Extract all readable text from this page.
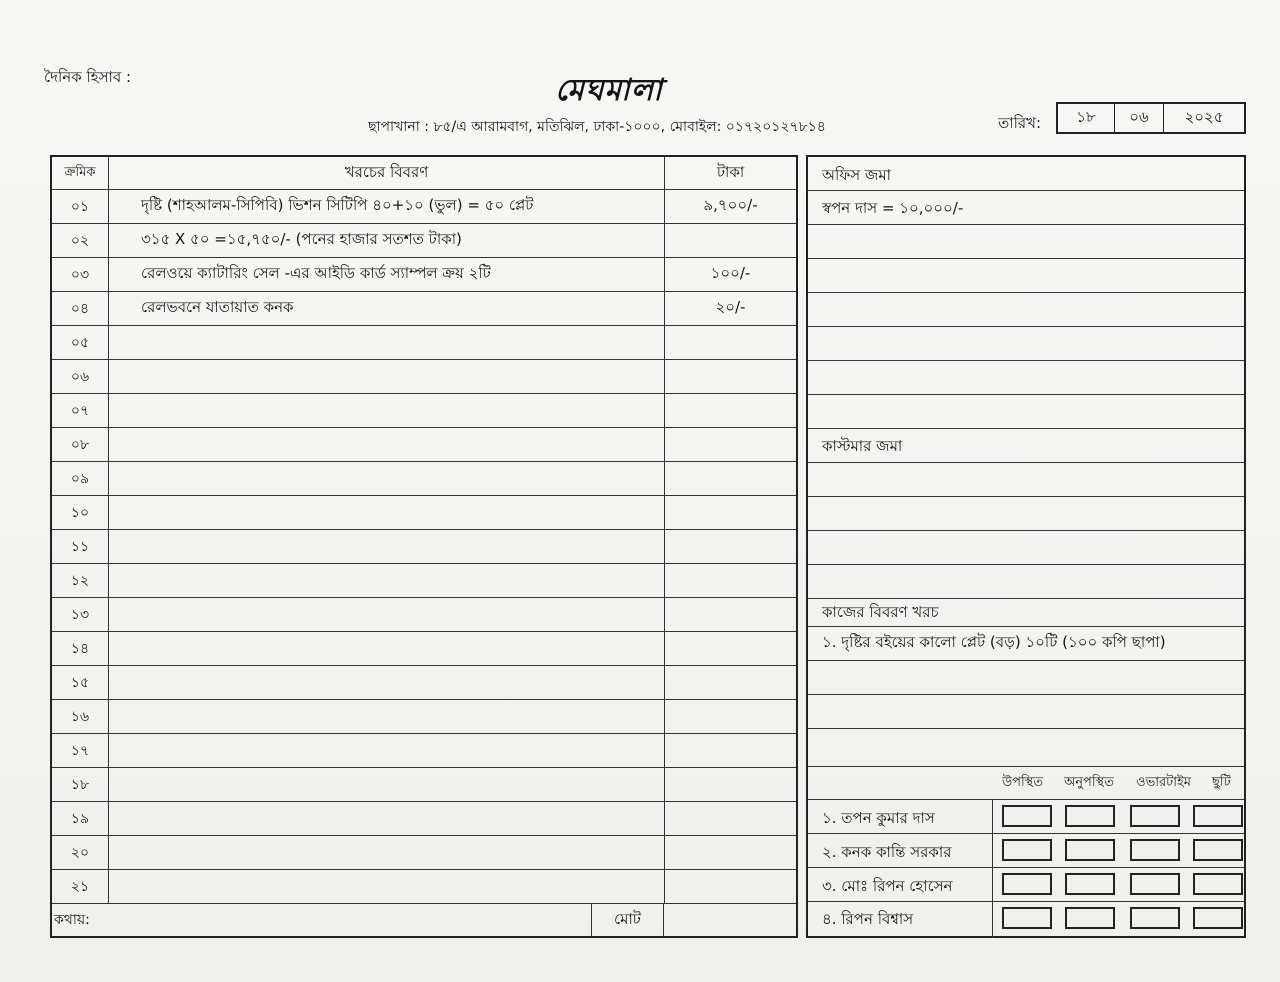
দৈনিক হিসাব :	মেঘমালা
ছাপাখানা : ৮৫/এ আরামবাগ, মতিঝিল, ঢাকা-১০০০, মোবাইল: ০১৭২০১২৭৮১৪	তারিখ:	১৮	০৬	২০২৫
ক্রমিক	খরচের বিবরণ	টাকা
০১	দৃষ্টি (শাহআলম-সিপিবি) ভিশন সিটিপি ৪০+১০ (ভুল) = ৫০ প্লেট	৯,৭০০/-
০২	৩১৫ X ৫০ =১৫,৭৫০/- (পনের হাজার সতশত টাকা)
০৩	রেলওয়ে ক্যাটারিং সেল -এর আইডি কার্ড স্যাম্পল ক্রয় ২টি	১০০/-
০৪	রেলভবনে যাতায়াত কনক	২০/-
০৫
০৬
০৭
০৮
০৯
১০
১১
১২
১৩
১৪
১৫
১৬
১৭
১৮
১৯
২০
২১
কথায়:	মোট
অফিস জমা
স্বপন দাস = ১০,০০০/-
কাস্টমার জমা
কাজের বিবরণ খরচ
১. দৃষ্টির বইয়ের কালো প্লেট (বড়) ১০টি (১০০ কপি ছাপা)
উপস্থিত অনুপস্থিত ওভারটাইম ছুটি
১. তপন কুমার দাস
২. কনক কান্তি সরকার
৩. মোঃ রিপন হোসেন
৪. রিপন বিশ্বাস
